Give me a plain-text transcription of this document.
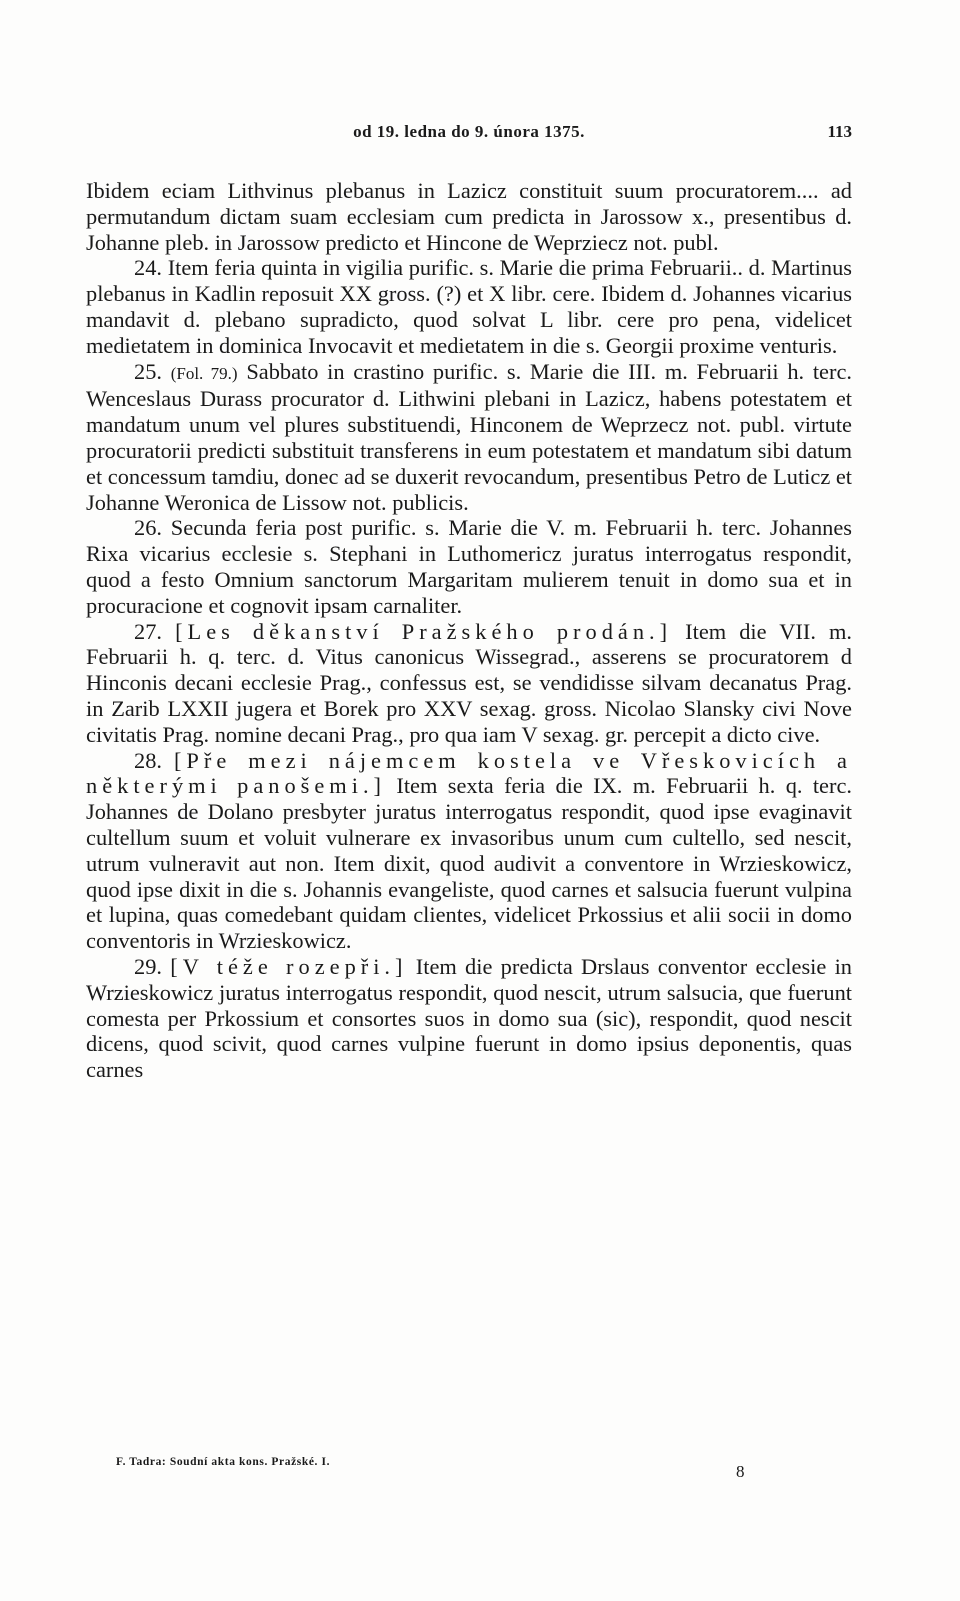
od 19. ledna do 9. února 1375.	113

Ibidem eciam Lithvinus plebanus in Lazicz constituit suum procuratorem.... ad permutandum dictam suam ecclesiam cum predicta in Jarossow x., presentibus d. Johanne pleb. in Jarossow predicto et Hincone de Weprziecz not. publ.

24. Item feria quinta in vigilia purific. s. Marie die prima Februarii.. d. Martinus plebanus in Kadlin reposuit XX gross. (?) et X libr. cere. Ibidem d. Johannes vicarius mandavit d. plebano supradicto, quod solvat L libr. cere pro pena, videlicet medietatem in dominica Invocavit et medietatem in die s. Georgii proxime venturis.

25. (Fol. 79.) Sabbato in crastino purific. s. Marie die III. m. Februarii h. terc. Wenceslaus Durass procurator d. Lithwini plebani in Lazicz, habens potestatem et mandatum unum vel plures substituendi, Hinconem de Weprzecz not. publ. virtute procuratorii predicti substituit transferens in eum potestatem et mandatum sibi datum et concessum tamdiu, donec ad se duxerit revocandum, presentibus Petro de Luticz et Johanne Weronica de Lissow not. publicis.

26. Secunda feria post purific. s. Marie die V. m. Februarii h. terc. Johannes Rixa vicarius ecclesie s. Stephani in Luthomericz juratus interrogatus respondit, quod a festo Omnium sanctorum Margaritam mulierem tenuit in domo sua et in procuracione et cognovit ipsam carnaliter.

27. [Les děkanství Pražského prodán.] Item die VII. m. Februarii h. q. terc. d. Vitus canonicus Wissegrad., asserens se procuratorem d Hinconis decani ecclesie Prag., confessus est, se vendidisse silvam decanatus Prag. in Zarib LXXII jugera et Borek pro XXV sexag. gross. Nicolao Slansky civi Nove civitatis Prag. nomine decani Prag., pro qua iam V sexag. gr. percepit a dicto cive.

28. [Pře mezi nájemcem kostela ve Vřeskovicích a některými panošemi.] Item sexta feria die IX. m. Februarii h. q. terc. Johannes de Dolano presbyter juratus interrogatus respondit, quod ipse evaginavit cultellum suum et voluit vulnerare ex invasoribus unum cum cultello, sed nescit, utrum vulneravit aut non. Item dixit, quod audivit a conventore in Wrzieskowicz, quod ipse dixit in die s. Johannis evangeliste, quod carnes et salsucia fuerunt vulpina et lupina, quas comedebant quidam clientes, videlicet Prkossius et alii socii in domo conventoris in Wrzieskowicz.

29. [V téže rozepři.] Item die predicta Drslaus conventor ecclesie in Wrzieskowicz juratus interrogatus respondit, quod nescit, utrum salsucia, que fuerunt comesta per Prkossium et consortes suos in domo sua (sic), respondit, quod nescit dicens, quod scivit, quod carnes vulpine fuerunt in domo ipsius deponentis, quas carnes

F. Tadra: Soudní akta kons. Pražské. I.	8
